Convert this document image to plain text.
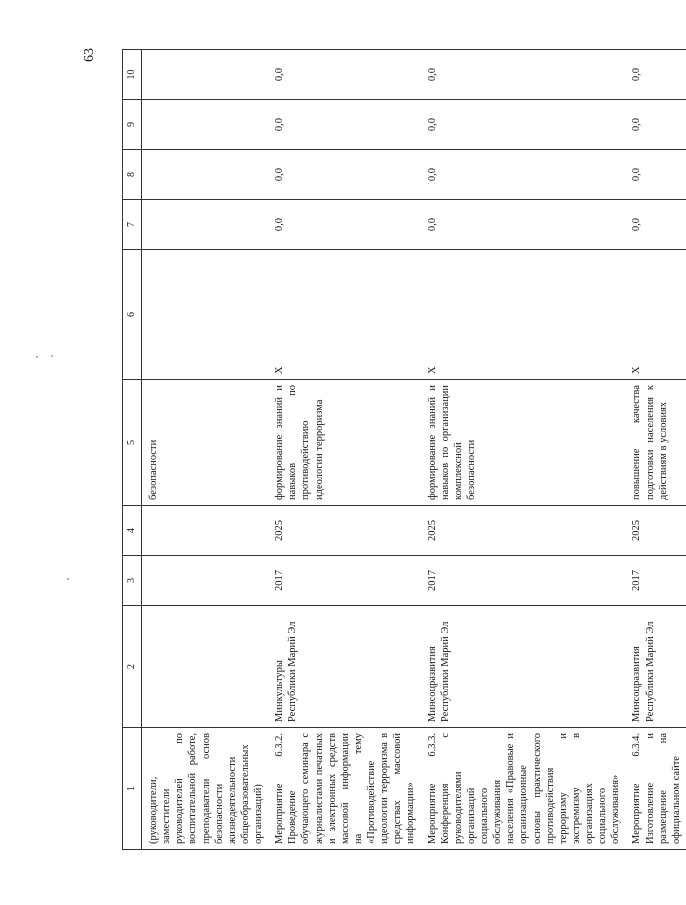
63
1	2	3	4	5	6	7	8	9	10
(руководители, заместители руководителей по воспитательной работе, преподаватели основ безопасности жизнедеятельности общеобразовательных организаций)				безопасности					
Мероприятие 6.3.2. Проведение обучающего семинара с журналистами печатных и электронных средств массовой информации на тему «Противодействие идеологии терроризма в средствах массовой информации»	Минкультуры Республики Марий Эл	2017	2025	формирование знаний и навыков по противодействию идеологии терроризма	Х	0,0	0,0	0,0	0,0
Мероприятие 6.3.3. Конференция с руководителями организаций социального обслуживания населения «Правовые и организационные основы практического противодействия терроризму и экстремизму в организациях социального обслуживания»	Минсоцразвития Республики Марий Эл	2017	2025	формирование знаний и навыков по организации комплексной безопасности	Х	0,0	0,0	0,0	0,0
Мероприятие 6.3.4. Изготовление и размещение на официальном сайте	Минсоцразвития Республики Марий Эл	2017	2025	повышение качества подготовки населения к действиям в условиях	Х	0,0	0,0	0,0	0,0
